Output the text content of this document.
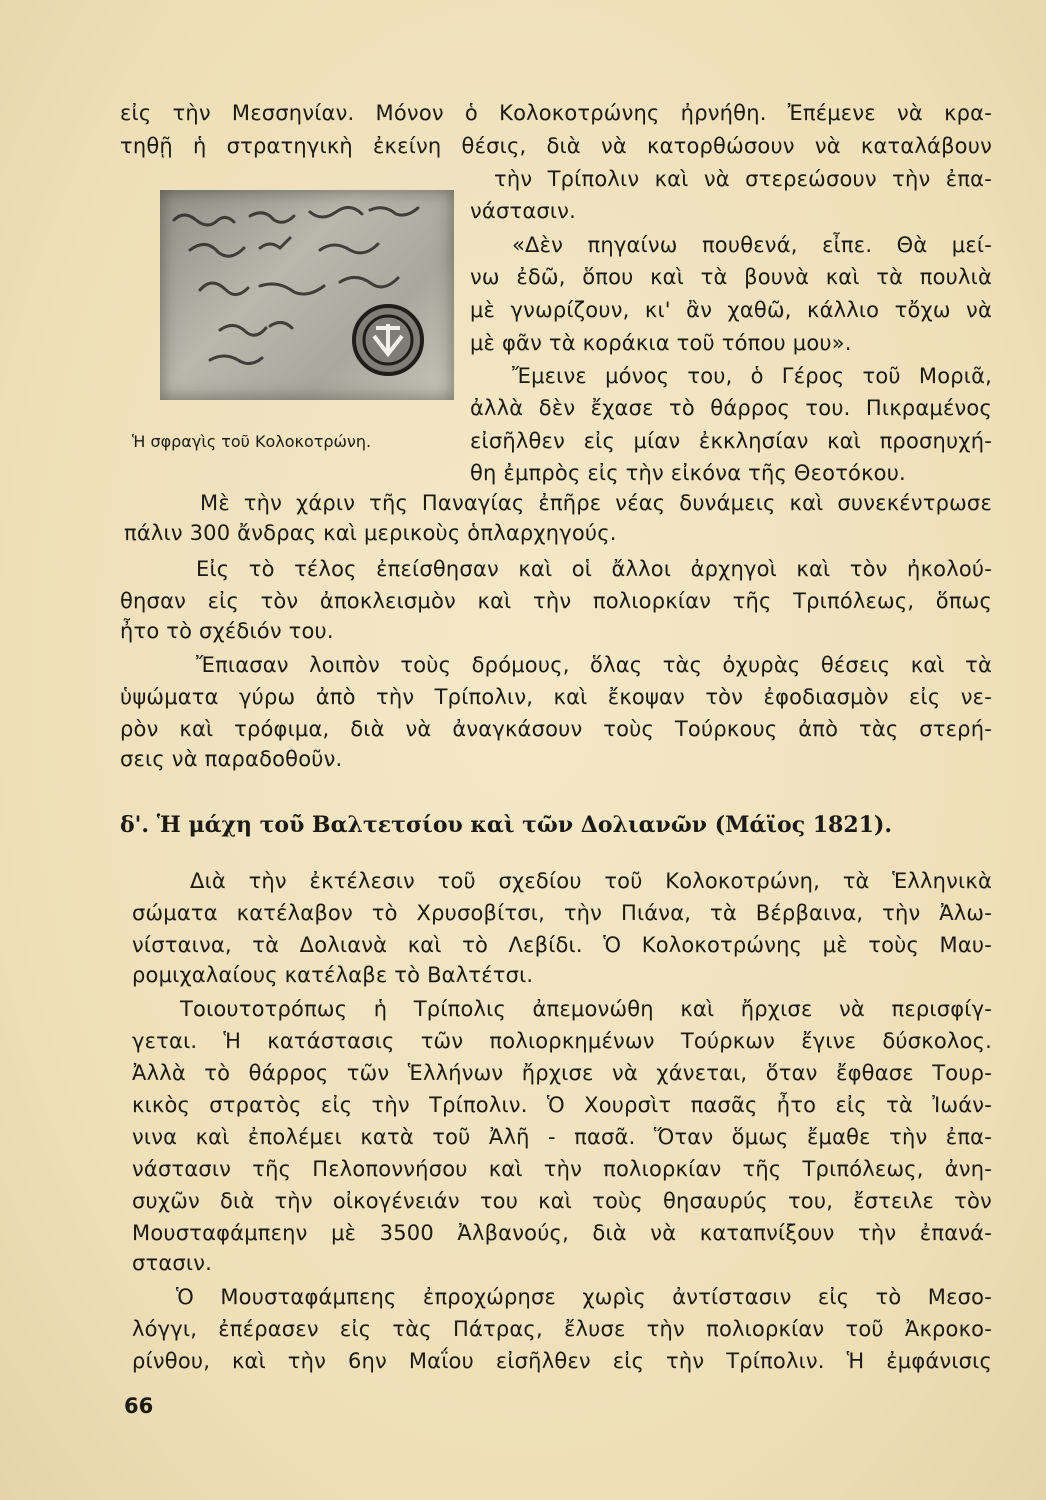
εἰς τὴν Μεσσηνίαν. Μόνον ὁ Κολοκοτρώνης ἠρνήθη. Ἐπέμενε νὰ κρα-
τηθῇ ἡ στρατηγικὴ ἐκείνη θέσις, διὰ νὰ κατορθώσουν νὰ καταλάβουν
τὴν Τρίπολιν καὶ νὰ στερεώσουν τὴν ἐπα-
νάστασιν.
«Δὲν πηγαίνω πουθενά, εἶπε. Θὰ μεί-
νω ἐδῶ, ὅπου καὶ τὰ βουνὰ καὶ τὰ πουλιὰ
μὲ γνωρίζουν, κι' ἂν χαθῶ, κάλλιο τὄχω νὰ
μὲ φᾶν τὰ κοράκια τοῦ τόπου μου».
Ἔμεινε μόνος του, ὁ Γέρος τοῦ Μοριᾶ,
ἀλλὰ δὲν ἔχασε τὸ θάρρος του. Πικραμένος
εἰσῆλθεν εἰς μίαν ἐκκλησίαν καὶ προσηυχή-
θη ἐμπρὸς εἰς τὴν εἰκόνα τῆς Θεοτόκου.
Ἡ σφραγὶς τοῦ Κολοκοτρώνη.
Μὲ τὴν χάριν τῆς Παναγίας ἐπῆρε νέας δυνάμεις καὶ συνεκέντρωσε
πάλιν 300 ἄνδρας καὶ μερικοὺς ὁπλαρχηγούς.
Εἰς τὸ τέλος ἐπείσθησαν καὶ οἱ ἄλλοι ἀρχηγοὶ καὶ τὸν ἠκολού-
θησαν εἰς τὸν ἀποκλεισμὸν καὶ τὴν πολιορκίαν τῆς Τριπόλεως, ὅπως
ἦτο τὸ σχέδιόν του.
Ἔπιασαν λοιπὸν τοὺς δρόμους, ὅλας τὰς ὀχυρὰς θέσεις καὶ τὰ
ὑψώματα γύρω ἀπὸ τὴν Τρίπολιν, καὶ ἔκοψαν τὸν ἐφοδιασμὸν εἰς νε-
ρὸν καὶ τρόφιμα, διὰ νὰ ἀναγκάσουν τοὺς Τούρκους ἀπὸ τὰς στερή-
σεις νὰ παραδοθοῦν.
δ'. Ἡ μάχη τοῦ Βαλτετσίου καὶ τῶν Δολιανῶν (Μάϊος 1821).
Διὰ τὴν ἐκτέλεσιν τοῦ σχεδίου τοῦ Κολοκοτρώνη, τὰ Ἑλληνικὰ
σώματα κατέλαβον τὸ Χρυσοβίτσι, τὴν Πιάνα, τὰ Βέρβαινα, τὴν Ἀλω-
νίσταινα, τὰ Δολιανὰ καὶ τὸ Λεβίδι. Ὁ Κολοκοτρώνης μὲ τοὺς Μαυ-
ρομιχαλαίους κατέλαβε τὸ Βαλτέτσι.
Τοιουτοτρόπως ἡ Τρίπολις ἀπεμονώθη καὶ ἤρχισε νὰ περισφίγ-
γεται. Ἡ κατάστασις τῶν πολιορκημένων Τούρκων ἔγινε δύσκολος.
Ἀλλὰ τὸ θάρρος τῶν Ἑλλήνων ἤρχισε νὰ χάνεται, ὅταν ἔφθασε Τουρ-
κικὸς στρατὸς εἰς τὴν Τρίπολιν. Ὁ Χουρσὶτ πασᾶς ἦτο εἰς τὰ Ἰωάν-
νινα καὶ ἐπολέμει κατὰ τοῦ Ἀλῆ - πασᾶ. Ὅταν ὅμως ἔμαθε τὴν ἐπα-
νάστασιν τῆς Πελοποννήσου καὶ τὴν πολιορκίαν τῆς Τριπόλεως, ἀνη-
συχῶν διὰ τὴν οἰκογένειάν του καὶ τοὺς θησαυρύς του, ἔστειλε τὸν
Μουσταφάμπεην μὲ 3500 Ἀλβανούς, διὰ νὰ καταπνίξουν τὴν ἐπανά-
στασιν.
Ὁ Μουσταφάμπεης ἐπροχώρησε χωρὶς ἀντίστασιν εἰς τὸ Μεσο-
λόγγι, ἐπέρασεν εἰς τὰς Πάτρας, ἔλυσε τὴν πολιορκίαν τοῦ Ἀκροκο-
ρίνθου, καὶ τὴν 6ην Μαΐου εἰσῆλθεν εἰς τὴν Τρίπολιν. Ἡ ἐμφάνισις
66
